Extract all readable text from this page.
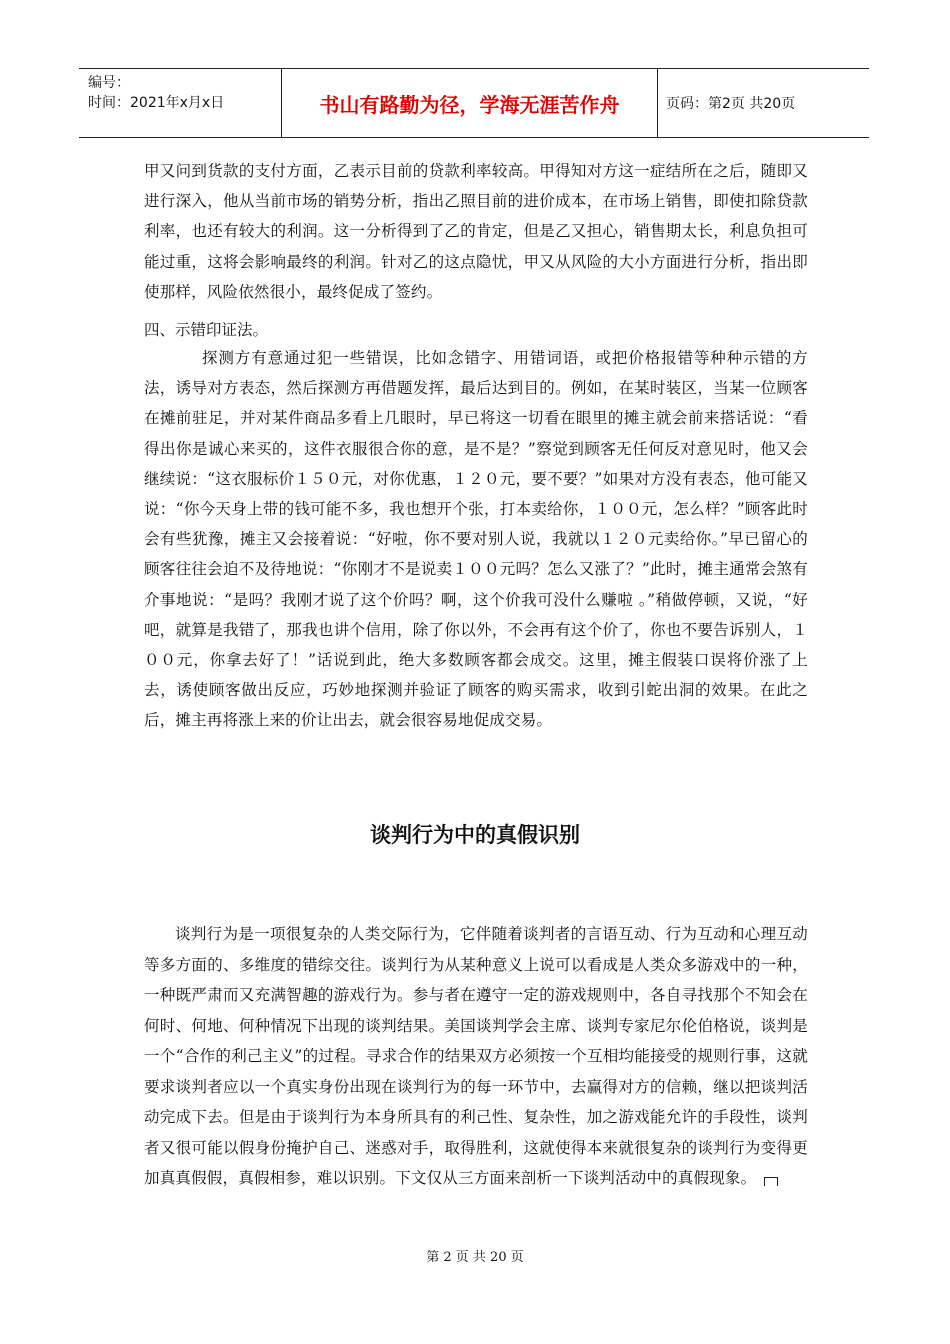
编号：
时间：2021年x月x日	书山有路勤为径，学海无涯苦作舟	页码：第2页 共20页

甲又问到货款的支付方面，乙表示目前的贷款利率较高。甲得知对方这一症结所在之后，随即又进行深入，他从当前市场的销势分析，指出乙照目前的进价成本，在市场上销售，即使扣除贷款利率，也还有较大的利润。这一分析得到了乙的肯定，但是乙又担心，销售期太长，利息负担可能过重，这将会影响最终的利润。针对乙的这点隐忧，甲又从风险的大小方面进行分析，指出即使那样，风险依然很小，最终促成了签约。

四、示错印证法。

探测方有意通过犯一些错误，比如念错字、用错词语，或把价格报错等种种示错的方法，诱导对方表态，然后探测方再借题发挥，最后达到目的。例如，在某时装区，当某一位顾客在摊前驻足，并对某件商品多看上几眼时，早已将这一切看在眼里的摊主就会前来搭话说：“看得出你是诚心来买的，这件衣服很合你的意，是不是？”察觉到顾客无任何反对意见时，他又会继续说：“这衣服标价１５０元，对你优惠，１２０元，要不要？”如果对方没有表态，他可能又说：“你今天身上带的钱可能不多，我也想开个张，打本卖给你，１００元，怎么样？”顾客此时会有些犹豫，摊主又会接着说：“好啦，你不要对别人说，我就以１２０元卖给你。”早已留心的顾客往往会迫不及待地说：“你刚才不是说卖１００元吗？怎么又涨了？”此时，摊主通常会煞有介事地说：“是吗？我刚才说了这个价吗？啊，这个价我可没什么赚啦 。”稍做停顿，又说，“好吧，就算是我错了，那我也讲个信用，除了你以外，不会再有这个价了，你也不要告诉别人，１００元，你拿去好了！”话说到此，绝大多数顾客都会成交。这里，摊主假装口误将价涨了上去，诱使顾客做出反应，巧妙地探测并验证了顾客的购买需求，收到引蛇出洞的效果。在此之后，摊主再将涨上来的价让出去，就会很容易地促成交易。

谈判行为中的真假识别

谈判行为是一项很复杂的人类交际行为，它伴随着谈判者的言语互动、行为互动和心理互动等多方面的、多维度的错综交往。谈判行为从某种意义上说可以看成是人类众多游戏中的一种，一种既严肃而又充满智趣的游戏行为。参与者在遵守一定的游戏规则中，各自寻找那个不知会在何时、何地、何种情况下出现的谈判结果。美国谈判学会主席、谈判专家尼尔伦伯格说，谈判是一个“合作的利己主义”的过程。寻求合作的结果双方必须按一个互相均能接受的规则行事，这就要求谈判者应以一个真实身份出现在谈判行为的每一环节中，去赢得对方的信赖，继以把谈判活动完成下去。但是由于谈判行为本身所具有的利己性、复杂性，加之游戏能允许的手段性，谈判者又很可能以假身份掩护自己、迷惑对手，取得胜利，这就使得本来就很复杂的谈判行为变得更加真真假假，真假相参，难以识别。下文仅从三方面来剖析一下谈判活动中的真假现象。

第 2 页 共 20 页
